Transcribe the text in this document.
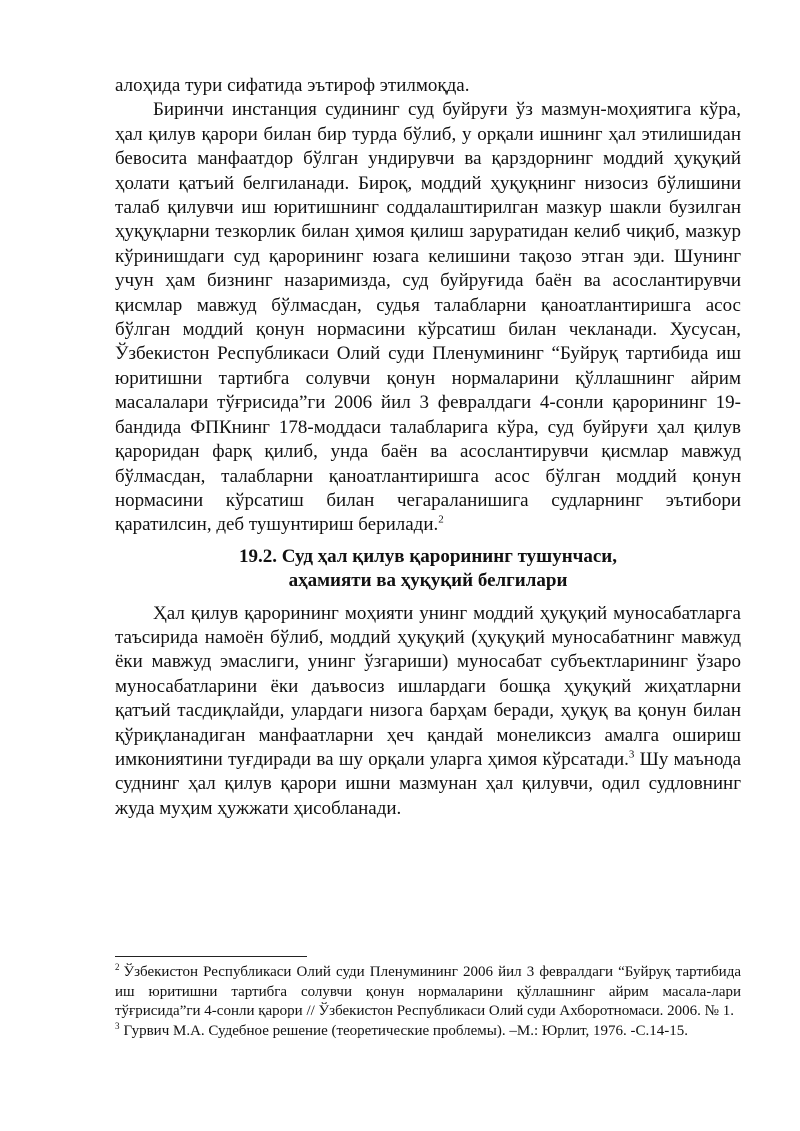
алоҳида тури сифатида эътироф этилмоқда.

Биринчи инстанция судининг суд буйруғи ўз мазмун-моҳиятига кўра, ҳал қилув қарори билан бир турда бўлиб, у орқали ишнинг ҳал этилишидан бевосита манфаатдор бўлган ундирувчи ва қарздорнинг моддий ҳуқуқий ҳолати қатъий белгиланади. Бироқ, моддий ҳуқуқнинг низосиз бўлишини талаб қилувчи иш юритишнинг соддалаштирилган мазкур шакли бузилган ҳуқуқларни тезкорлик билан ҳимоя қилиш заруратидан келиб чиқиб, мазкур кўринишдаги суд қарорининг юзага келишини тақозо этган эди. Шунинг учун ҳам бизнинг назаримизда, суд буйруғида баён ва асослантирувчи қисмлар мавжуд бўлмасдан, судья талабларни қаноатлантиришга асос бўлган моддий қонун нормасини кўрсатиш билан чекланади. Хусусан, Ўзбекистон Республикаси Олий суди Пленумининг “Буйруқ тартибида иш юритишни тартибга солувчи қонун нормаларини қўллашнинг айрим масалалари тўғрисида”ги 2006 йил 3 февралдаги 4-сонли қарорининг 19-бандида ФПКнинг 178-моддаси талабларига кўра, суд буйруғи ҳал қилув қароридан фарқ қилиб, унда баён ва асослантирувчи қисмлар мавжуд бўлмасдан, талабларни қаноатлантиришга асос бўлган моддий қонун нормасини кўрсатиш билан чегараланишига судларнинг эътибори қаратилсин, деб тушунтириш берилади.$^2$

19.2. Суд ҳал қилув қарорининг тушунчаси,
аҳамияти ва ҳуқуқий белгилари

Ҳал қилув қарорининг моҳияти унинг моддий ҳуқуқий муносабатларга таъсирида намоён бўлиб, моддий ҳуқуқий (ҳуқуқий муносабатнинг мавжуд ёки мавжуд эмаслиги, унинг ўзгариши) муносабат субъектларининг ўзаро муносабатларини ёки даъвосиз ишлардаги бошқа ҳуқуқий жиҳатларни қатъий тасдиқлайди, улардаги низога барҳам беради, ҳуқуқ ва қонун билан қўриқланадиган манфаатларни ҳеч қандай монеликсиз амалга ошириш имкониятини туғдиради ва шу орқали уларга ҳимоя кўрсатади.$^3$ Шу маънода суднинг ҳал қилув қарори ишни мазмунан ҳал қилувчи, одил судловнинг жуда муҳим ҳужжати ҳисобланади.

$^2$ Ўзбекистон Республикаси Олий суди Пленумининг 2006 йил 3 февралдаги “Буйруқ тартибида иш юритишни тартибга солувчи қонун нормаларини қўллашнинг айрим масала-лари тўғрисида”ги 4-сонли қарори // Ўзбекистон Республикаси Олий суди Ахборотномаси. 2006. № 1.

$^3$ Гурвич М.А. Судебное решение (теоретические проблемы). –М.: Юрлит, 1976. -С.14-15.
